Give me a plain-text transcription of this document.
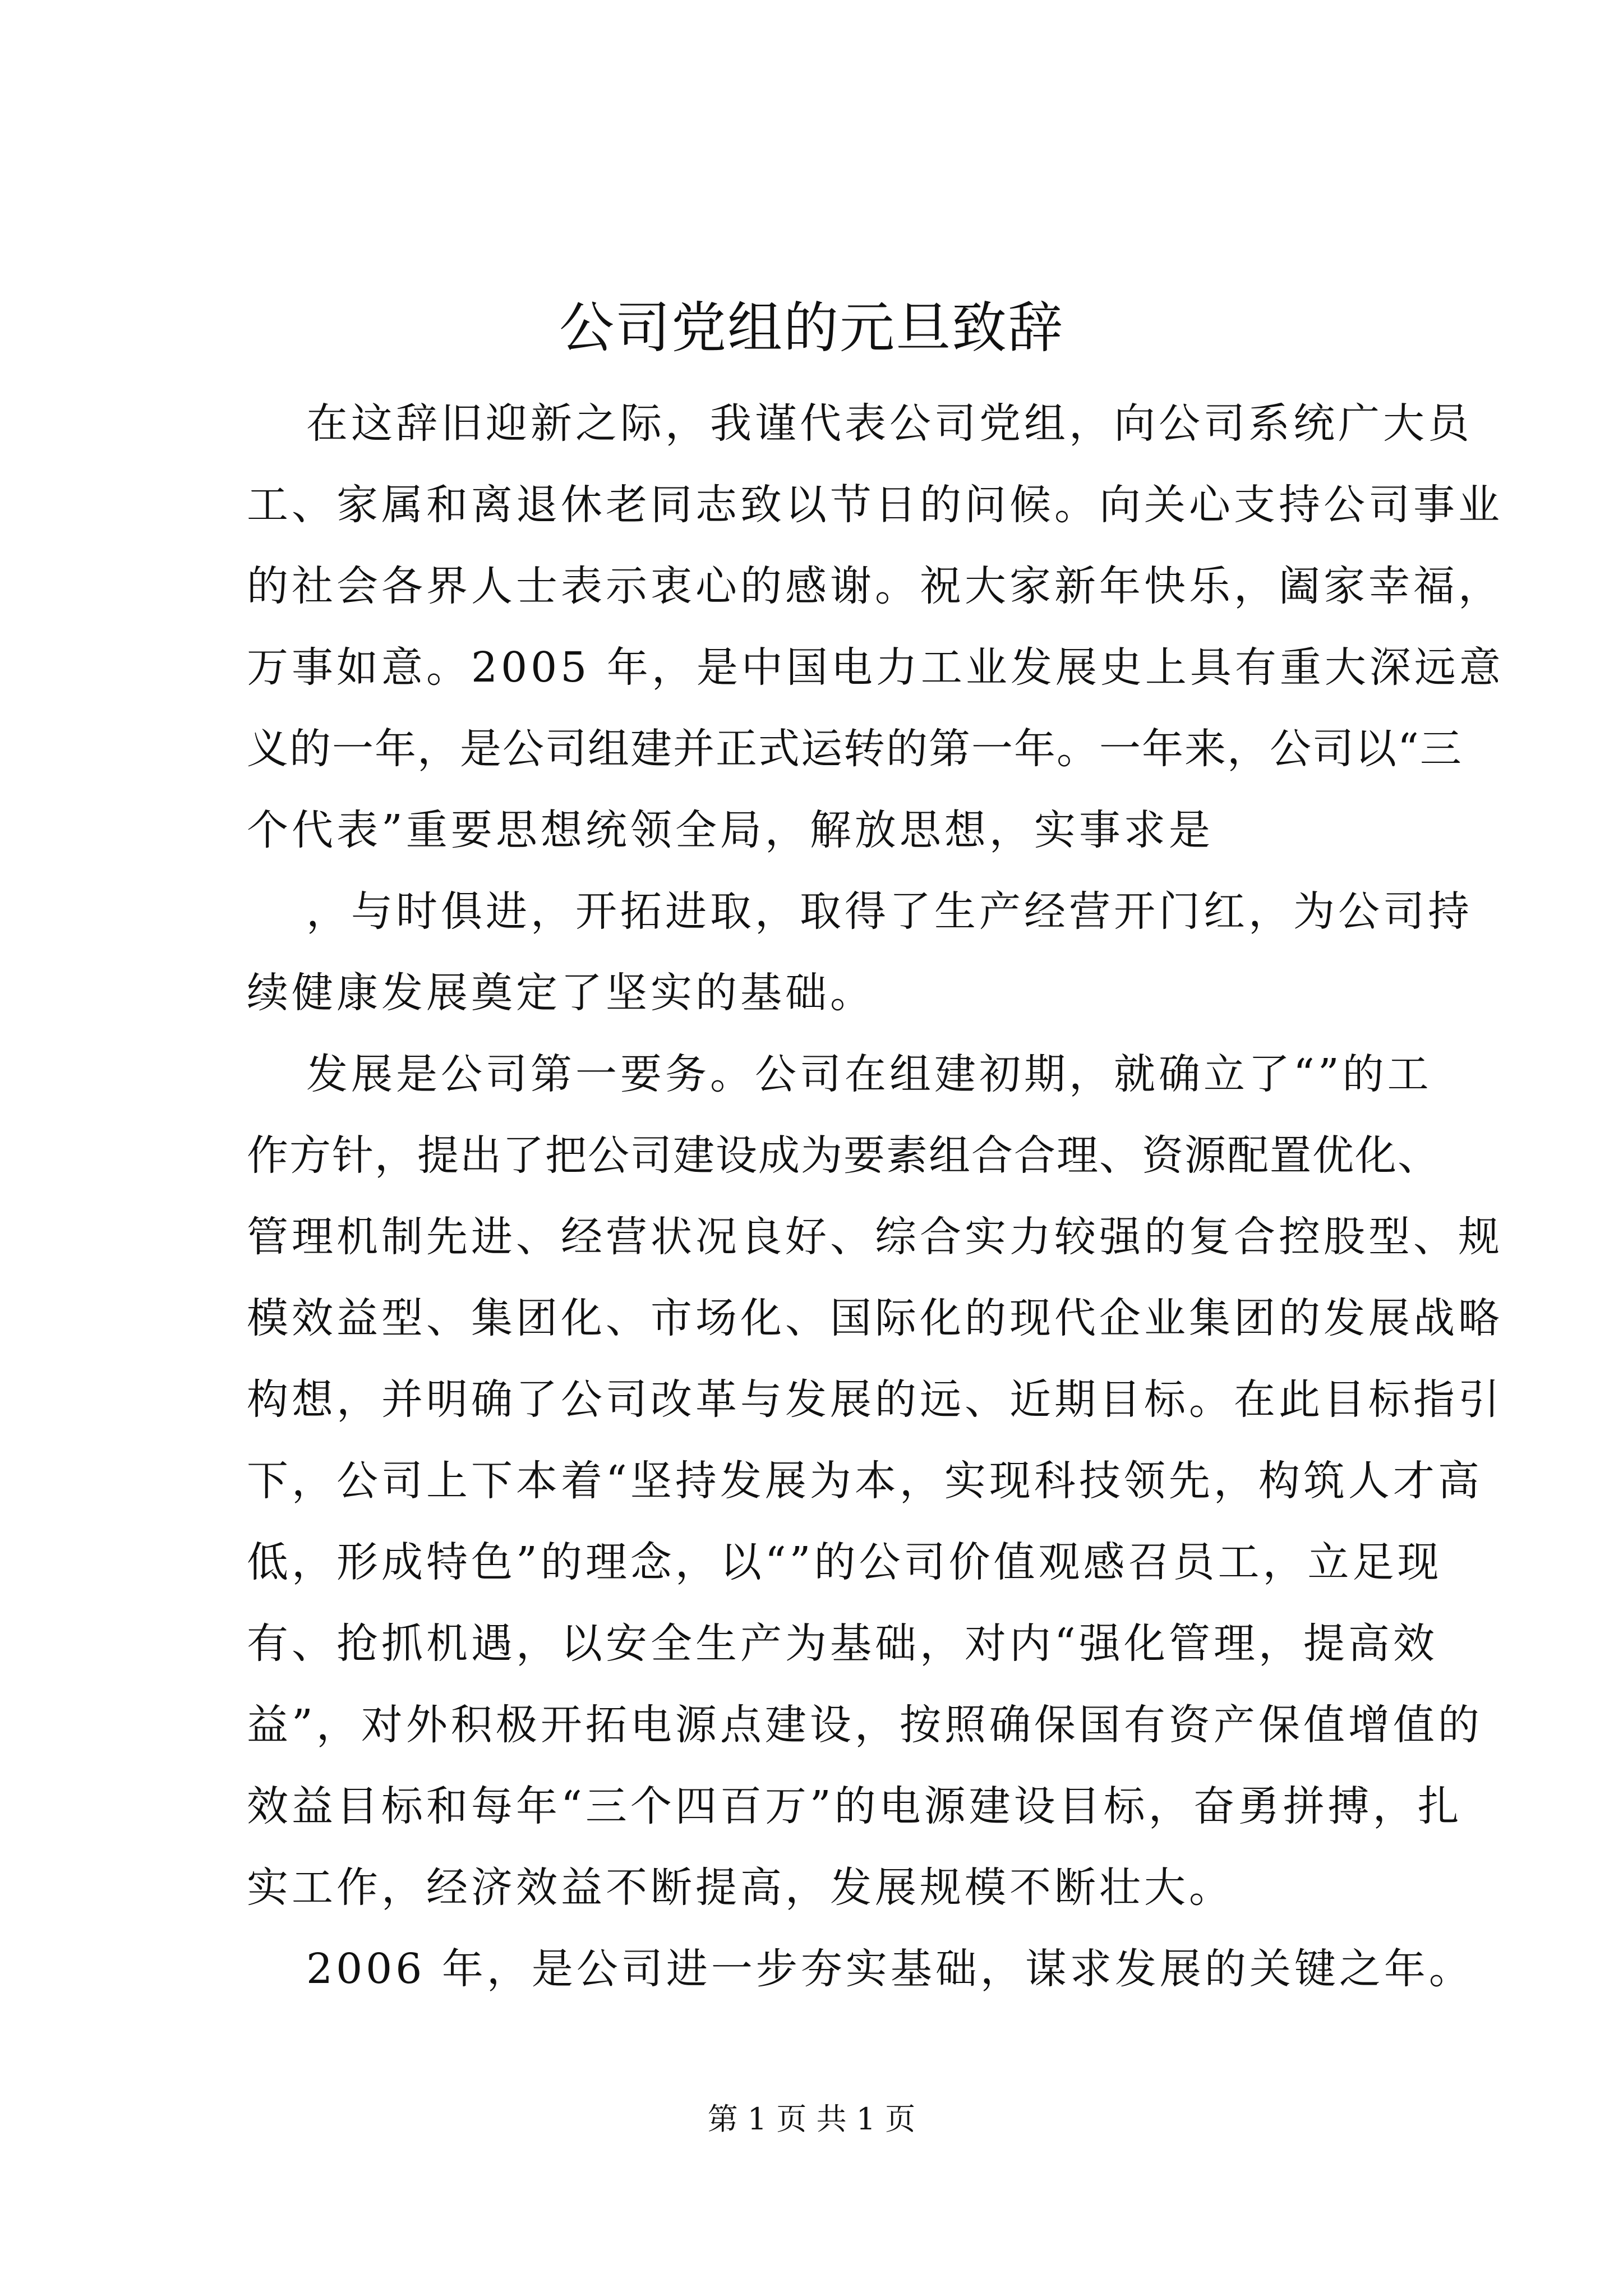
公司党组的元旦致辞

在这辞旧迎新之际，我谨代表公司党组，向公司系统广大员

工、家属和离退休老同志致以节日的问候。向关心支持公司事业

的社会各界人士表示衷心的感谢。祝大家新年快乐，阖家幸福，

万事如意。2005 年，是中国电力工业发展史上具有重大深远意

义的一年，是公司组建并正式运转的第一年。一年来，公司以“三

个代表”重要思想统领全局，解放思想，实事求是

，与时俱进，开拓进取，取得了生产经营开门红，为公司持

续健康发展奠定了坚实的基础。

发展是公司第一要务。公司在组建初期，就确立了“”的工

作方针，提出了把公司建设成为要素组合合理、资源配置优化、

管理机制先进、经营状况良好、综合实力较强的复合控股型、规

模效益型、集团化、市场化、国际化的现代企业集团的发展战略

构想，并明确了公司改革与发展的远、近期目标。在此目标指引

下，公司上下本着“坚持发展为本，实现科技领先，构筑人才高

低，形成特色”的理念，以“”的公司价值观感召员工，立足现

有、抢抓机遇，以安全生产为基础，对内“强化管理，提高效

益”，对外积极开拓电源点建设，按照确保国有资产保值增值的

效益目标和每年“三个四百万”的电源建设目标，奋勇拼搏，扎

实工作，经济效益不断提高，发展规模不断壮大。

2006 年，是公司进一步夯实基础，谋求发展的关键之年。

第 1 页 共 1 页
